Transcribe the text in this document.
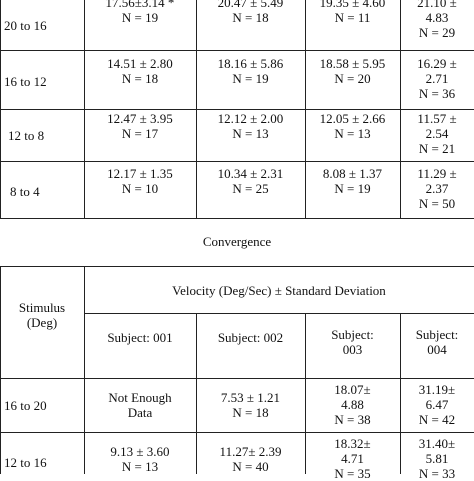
20 to 16
17.56±3.14 *
N = 19
20.47 ± 5.49
N = 18
19.35 ± 4.60
N = 11
21.10 ±
4.83
N = 29
16 to 12
14.51 ± 2.80
N = 18
18.16 ± 5.86
N = 19
18.58 ± 5.95
N = 20
16.29 ±
2.71
N = 36
12 to 8
12.47 ± 3.95
N = 17
12.12 ± 2.00
N = 13
12.05 ± 2.66
N = 13
11.57 ±
2.54
N = 21
8 to 4
12.17 ± 1.35
N = 10
10.34 ± 2.31
N = 25
8.08 ± 1.37
N = 19
11.29 ±
2.37
N = 50
Convergence
Stimulus
(Deg)
Velocity (Deg/Sec) ± Standard Deviation
Subject: 001	Subject: 002	Subject:
003
Subject:
004
16 to 20
Not Enough
Data
7.53 ± 1.21
N = 18
18.07±
4.88
N = 38
31.19±
6.47
N = 42
12 to 16
9.13 ± 3.60
N = 13
11.27± 2.39
N = 40
18.32±
4.71
N = 35
31.40±
5.81
N = 33
